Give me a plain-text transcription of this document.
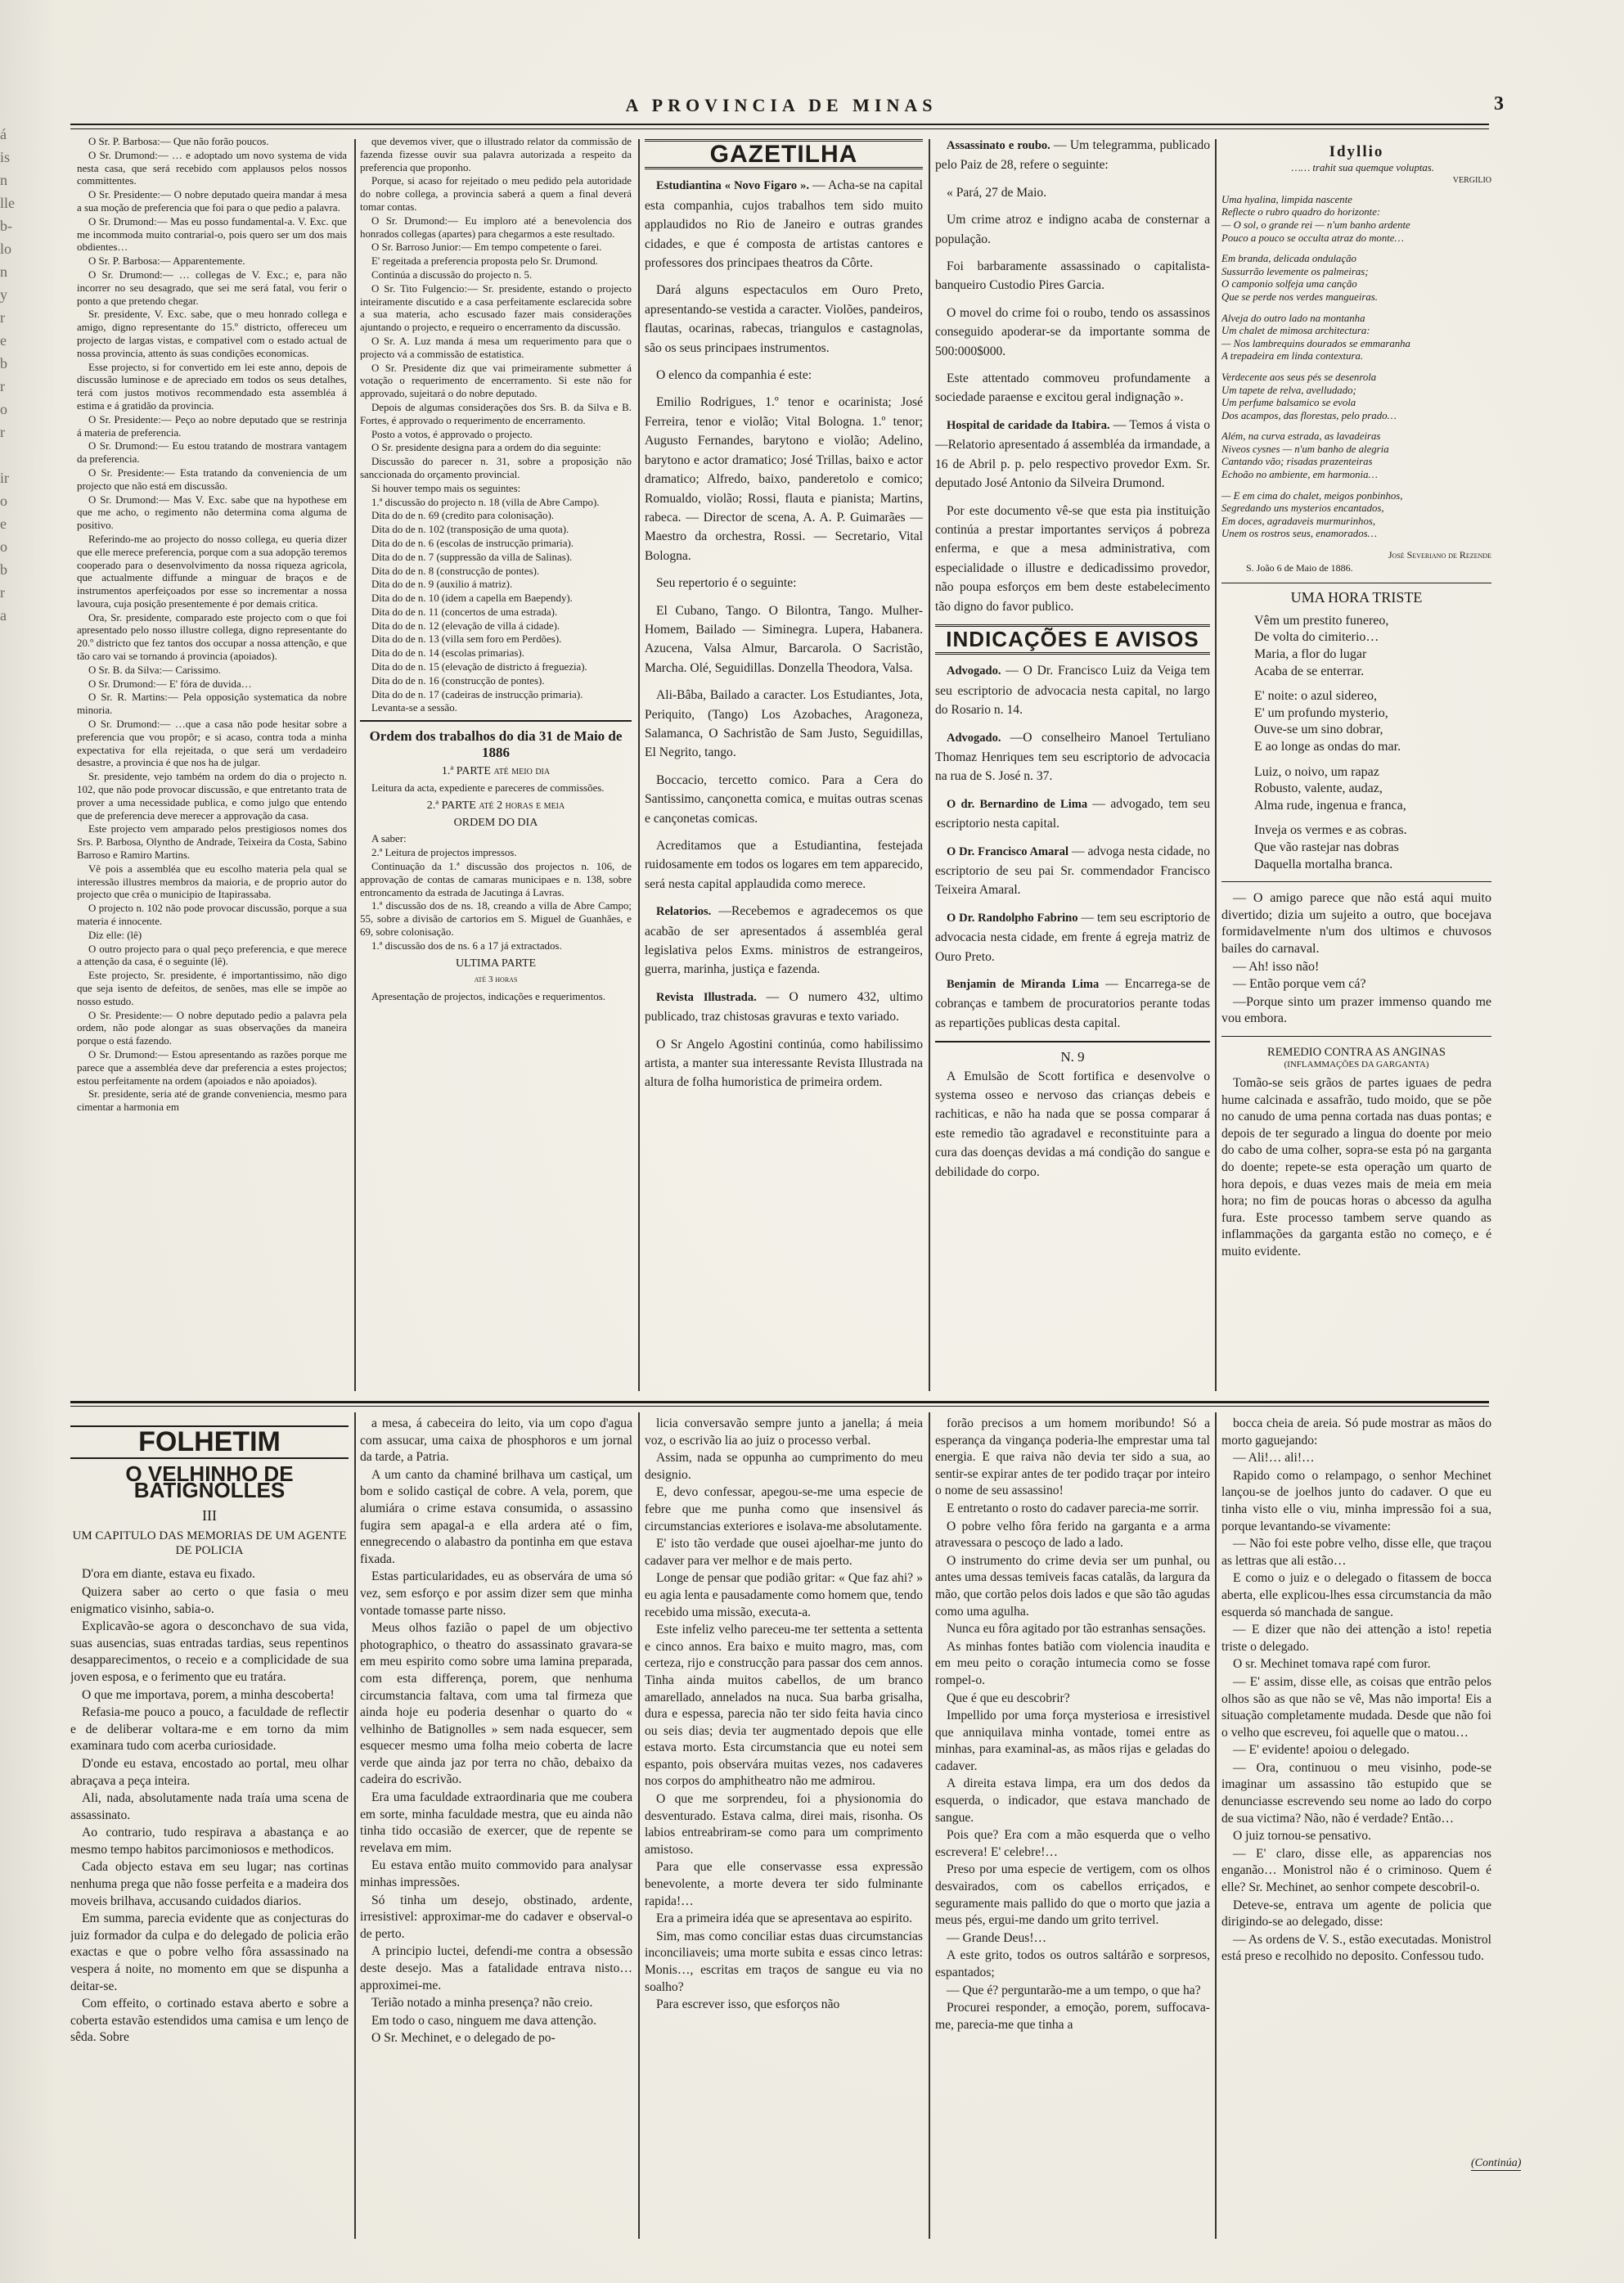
á
is
n
lle
b-
lo
n
y
r
e
b
r
o
r

ir
o
e
o
b
r
a
A PROVINCIA DE MINAS	3

O Sr. P. Barbosa:— Que não forão poucos.

O Sr. Drumond:— … e adoptado um novo systema de vida nesta casa, que será recebido com applausos pelos nossos committentes.

O Sr. Presidente:— O nobre deputado queira mandar á mesa a sua moção de preferencia que foi para o que pedio a palavra.

O Sr. Drumond:— Mas eu posso fundamental-a. V. Exc. que me incommoda muito contrarial-o, pois quero ser um dos mais obdientes…

O Sr. P. Barbosa:— Apparentemente.

O Sr. Drumond:— … collegas de V. Exc.; e, para não incorrer no seu desagrado, que sei me será fatal, vou ferir o ponto a que pretendo chegar.

Sr. presidente, V. Exc. sabe, que o meu honrado collega e amigo, digno representante do 15.º districto, offereceu um projecto de largas vistas, e compativel com o estado actual de nossa provincia, attento ás suas condições economicas.

Esse projecto, si for convertido em lei este anno, depois de discussão luminose e de apreciado em todos os seus detalhes, terá com justos motivos recommendado esta assembléa á estima e á gratidão da provincia.

O Sr. Presidente:— Peço ao nobre deputado que se restrinja á materia de preferencia.

O Sr. Drumond:— Eu estou tratando de mostrara vantagem da preferencia.

O Sr. Presidente:— Esta tratando da conveniencia de um projecto que não está em discussão.

O Sr. Drumond:— Mas V. Exc. sabe que na hypothese em que me acho, o regimento não determina coma alguma de positivo.

Referindo-me ao projecto do nosso collega, eu queria dizer que elle merece preferencia, porque com a sua adopção teremos cooperado para o desenvolvimento da nossa riqueza agricola, que actualmente diffunde a minguar de braços e de instrumentos aperfeiçoados por esse so incrementar a nossa lavoura, cuja posição presentemente é por demais critica.

Ora, Sr. presidente, comparado este projecto com o que foi apresentado pelo nosso illustre collega, digno representante do 20.º districto que fez tantos dos occupar a nossa attenção, e que tão caro vai se tornando á provincia (apoiados).

O Sr. B. da Silva:— Carissimo.

O Sr. Drumond:— E' fóra de duvida…

O Sr. R. Martins:— Pela opposição systematica da nobre minoria.

O Sr. Drumond:— …que a casa não pode hesitar sobre a preferencia que vou propôr; e si acaso, contra toda a minha expectativa for ella rejeitada, o que será um verdadeiro desastre, a provincia é que nos ha de julgar.

Sr. presidente, vejo também na ordem do dia o projecto n. 102, que não pode provocar discussão, e que entretanto trata de prover a uma necessidade publica, e como julgo que entendo que de preferencia deve merecer a approvação da casa.

Este projecto vem amparado pelos prestigiosos nomes dos Srs. P. Barbosa, Olyntho de Andrade, Teixeira da Costa, Sabino Barroso e Ramiro Martins.

Vê pois a assembléa que eu escolho materia pela qual se interessão illustres membros da maioria, e de proprio autor do projecto que crêa o municipio de Itapirassaba.

O projecto n. 102 não pode provocar discussão, porque a sua materia é innocente.

Diz elle: (lê)

O outro projecto para o qual peço preferencia, e que merece a attenção da casa, é o seguinte (lê).

Este projecto, Sr. presidente, é importantissimo, não digo que seja isento de defeitos, de senões, mas elle se impõe ao nosso estudo.

O Sr. Presidente:— O nobre deputado pedio a palavra pela ordem, não pode alongar as suas observações da maneira porque o está fazendo.

O Sr. Drumond:— Estou apresentando as razões porque me parece que a assembléa deve dar preferencia a estes projectos; estou perfeitamente na ordem (apoiados e não apoiados).

Sr. presidente, seria até de grande conveniencia, mesmo para cimentar a harmonia em

que devemos viver, que o illustrado relator da commissão de fazenda fizesse ouvir sua palavra autorizada a respeito da preferencia que proponho.

Porque, si acaso for rejeitado o meu pedido pela autoridade do nobre collega, a provincia saberá a quem a final deverá tomar contas.

O Sr. Drumond:— Eu imploro até a benevolencia dos honrados collegas (apartes) para chegarmos a este resultado.

O Sr. Barroso Junior:— Em tempo competente o farei.

E' regeitada a preferencia proposta pelo Sr. Drumond.

Continúa a discussão do projecto n. 5.

O Sr. Tito Fulgencio:— Sr. presidente, estando o projecto inteiramente discutido e a casa perfeitamente esclarecida sobre a sua materia, acho escusado fazer mais considerações ajuntando o projecto, e requeiro o encerramento da discussão.

O Sr. A. Luz manda á mesa um requerimento para que o projecto vá a commissão de estatistica.

O Sr. Presidente diz que vai primeiramente submetter á votação o requerimento de encerramento. Si este não for approvado, sujeitará o do nobre deputado.

Depois de algumas considerações dos Srs. B. da Silva e B. Fortes, é approvado o requerimento de encerramento.

Posto a votos, é approvado o projecto.

O Sr. presidente designa para a ordem do dia seguinte:

Discussão do parecer n. 31, sobre a proposição não sanccionada do orçamento provincial.

Si houver tempo mais os seguintes:

1.ª discussão do projecto n. 18 (villa de Abre Campo).

Dita do de n. 69 (credito para colonisação).

Dita do de n. 102 (transposição de uma quota).

Dita do de n. 6 (escolas de instrucção primaria).

Dita do de n. 7 (suppressão da villa de Salinas).

Dita do de n. 8 (construcção de pontes).

Dita do de n. 9 (auxilio á matriz).

Dita do de n. 10 (idem a capella em Baependy).

Dita do de n. 11 (concertos de uma estrada).

Dita do de n. 12 (elevação de villa á cidade).

Dita do de n. 13 (villa sem foro em Perdões).

Dita do de n. 14 (escolas primarias).

Dita do de n. 15 (elevação de districto á freguezia).

Dita do de n. 16 (construcção de pontes).

Dita do de n. 17 (cadeiras de instrucção primaria).

Levanta-se a sessão.

Ordem dos trabalhos do dia 31 de Maio de 1886
1.ª PARTE até meio dia

Leitura da acta, expediente e pareceres de commissões.

2.ª PARTE até 2 horas e meia
ORDEM DO DIA

A saber:

2.ª Leitura de projectos impressos.

Continuação da 1.ª discussão dos projectos n. 106, de approvação de contas de camaras municipaes e n. 138, sobre entroncamento da estrada de Jacutinga á Lavras.

1.ª discussão dos de ns. 18, creando a villa de Abre Campo; 55, sobre a divisão de cartorios em S. Miguel de Guanhães, e 69, sobre colonisação.

1.ª discussão dos de ns. 6 a 17 já extractados.

ULTIMA PARTE
até 3 horas

Apresentação de projectos, indicações e requerimentos.

GAZETILHA

Estudiantina « Novo Figaro ». — Acha-se na capital esta companhia, cujos trabalhos tem sido muito applaudidos no Rio de Janeiro e outras grandes cidades, e que é composta de artistas cantores e professores dos principaes theatros da Côrte.

Dará alguns espectaculos em Ouro Preto, apresentando-se vestida a caracter. Violões, pandeiros, flautas, ocarinas, rabecas, triangulos e castagnolas, são os seus principaes instrumentos.

O elenco da companhia é este:

Emilio Rodrigues, 1.º tenor e ocarinista; José Ferreira, tenor e violão; Vital Bologna. 1.º tenor; Augusto Fernandes, barytono e violão; Adelino, barytono e actor dramatico; José Trillas, baixo e actor dramatico; Alfredo, baixo, panderetolo e comico; Romualdo, violão; Rossi, flauta e pianista; Martins, rabeca. — Director de scena, A. A. P. Guimarães —Maestro da orchestra, Rossi. — Secretario, Vital Bologna.

Seu repertorio é o seguinte:

El Cubano, Tango. O Bilontra, Tango. Mulher-Homem, Bailado — Siminegra. Lupera, Habanera. Azucena, Valsa Almur, Barcarola. O Sacristão, Marcha. Olé, Seguidillas. Donzella Theodora, Valsa.

Ali-Bâba, Bailado a caracter. Los Estudiantes, Jota, Periquito, (Tango) Los Azobaches, Aragoneza, Salamanca, O Sachristão de Sam Justo, Seguidillas, El Negrito, tango.

Boccacio, tercetto comico. Para a Cera do Santissimo, cançonetta comica, e muitas outras scenas e cançonetas comicas.

Acreditamos que a Estudiantina, festejada ruidosamente em todos os logares em tem apparecido, será nesta capital applaudida como merece.

Relatorios. —Recebemos e agradecemos os que acabão de ser apresentados á assembléa geral legislativa pelos Exms. ministros de estrangeiros, guerra, marinha, justiça e fazenda.

Revista Illustrada. — O numero 432, ultimo publicado, traz chistosas gravuras e texto variado.

O Sr Angelo Agostini continúa, como habilissimo artista, a manter sua interessante Revista Illustrada na altura de folha humoristica de primeira ordem.

Assassinato e roubo. — Um telegramma, publicado pelo Paiz de 28, refere o seguinte:

« Pará, 27 de Maio.

Um crime atroz e indigno acaba de consternar a população.

Foi barbaramente assassinado o capitalista-banqueiro Custodio Pires Garcia.

O movel do crime foi o roubo, tendo os assassinos conseguido apoderar-se da importante somma de 500:000$000.

Este attentado commoveu profundamente a sociedade paraense e excitou geral indignação ».

Hospital de caridade da Itabira. — Temos á vista o—Relatorio apresentado á assembléa da irmandade, a 16 de Abril p. p. pelo respectivo provedor Exm. Sr. deputado José Antonio da Silveira Drumond.

Por este documento vê-se que esta pia instituição continúa a prestar importantes serviços á pobreza enferma, e que a mesa administrativa, com especialidade o illustre e dedicadissimo provedor, não poupa esforços em bem deste estabelecimento tão digno do favor publico.

INDICAÇÕES E AVISOS

Advogado. — O Dr. Francisco Luiz da Veiga tem seu escriptorio de advocacia nesta capital, no largo do Rosario n. 14.

Advogado. —O conselheiro Manoel Tertuliano Thomaz Henriques tem seu escriptorio de advocacia na rua de S. José n. 37.

O dr. Bernardino de Lima — advogado, tem seu escriptorio nesta capital.

O Dr. Francisco Amaral — advoga nesta cidade, no escriptorio de seu pai Sr. commendador Francisco Teixeira Amaral.

O Dr. Randolpho Fabrino — tem seu escriptorio de advocacia nesta cidade, em frente á egreja matriz de Ouro Preto.

Benjamin de Miranda Lima — Encarrega-se de cobranças e tambem de procuratorios perante todas as repartições publicas desta capital.

N. 9

A Emulsão de Scott fortifica e desenvolve o systema osseo e nervoso das crianças debeis e rachiticas, e não ha nada que se possa comparar á este remedio tão agradavel e reconstituinte para a cura das doenças devidas a má condição do sangue e debilidade do corpo.

Idyllio
…… trahit sua quemque voluptas.
VERGILIO

Uma hyalina, limpida nascente
Reflecte o rubro quadro do horizonte:
— O sol, o grande rei — n'um banho ardente
Pouco a pouco se occulta atraz do monte…

Em branda, delicada ondulação
Sussurrão levemente os palmeiras;
O camponio solfeja uma canção
Que se perde nos verdes mangueiras.

Alveja do outro lado na montanha
Um chalet de mimosa architectura:
— Nos lambrequins dourados se emmaranha
A trepadeira em linda contextura.

Verdecente aos seus pés se desenrola
Um tapete de relva, avelludado;
Um perfume balsamico se evola
Dos acampos, das florestas, pelo prado…

Além, na curva estrada, as lavadeiras
Niveos cysnes — n'um banho de alegria
Cantando vão; risadas prazenteiras
Echoão no ambiente, em harmonia…

— E em cima do chalet, meigos ponbinhos,
Segredando uns mysterios encantados,
Em doces, agradaveis murmurinhos,
Unem os rostros seus, enamorados…

José Severiano de Rezende
S. João 6 de Maio de 1886.
UMA HORA TRISTE

Vêm um prestito funereo,
De volta do cimiterio…
Maria, a flor do lugar
Acaba de se enterrar.

E' noite: o azul sidereo,
E' um profundo mysterio,
Ouve-se um sino dobrar,
E ao longe as ondas do mar.

Luiz, o noivo, um rapaz
Robusto, valente, audaz,
Alma rude, ingenua e franca,

Inveja os vermes e as cobras.
Que vão rastejar nas dobras
Daquella mortalha branca.

— O amigo parece que não está aqui muito divertido; dizia um sujeito a outro, que bocejava formidavelmente n'um dos ultimos e chuvosos bailes do carnaval.

— Ah! isso não!

— Então porque vem cá?

—Porque sinto um prazer immenso quando me vou embora.

REMEDIO CONTRA AS ANGINAS
(INFLAMMAÇÕES DA GARGANTA)

Tomão-se seis grãos de partes iguaes de pedra hume calcinada e assafrão, tudo moido, que se põe no canudo de uma penna cortada nas duas pontas; e depois de ter segurado a lingua do doente por meio do cabo de uma colher, sopra-se esta pó na garganta do doente; repete-se esta operação um quarto de hora depois, e duas vezes mais de meia em meia hora; no fim de poucas horas o abcesso da agulha fura. Este processo tambem serve quando as inflammações da garganta estão no começo, e é muito evidente.

FOLHETIM
O VELHINHO DE BATIGNOLLES
III
UM CAPITULO DAS MEMORIAS DE UM AGENTE DE POLICIA

D'ora em diante, estava eu fixado.

Quizera saber ao certo o que fasia o meu enigmatico visinho, sabia-o.

Explicavão-se agora o desconchavo de sua vida, suas ausencias, suas entradas tardias, seus repentinos desapparecimentos, o receio e a complicidade de sua joven esposa, e o ferimento que eu tratára.

O que me importava, porem, a minha descoberta!

Refasia-me pouco a pouco, a faculdade de reflectir e de deliberar voltara-me e em torno da mim examinara tudo com acerba curiosidade.

D'onde eu estava, encostado ao portal, meu olhar abraçava a peça inteira.

Ali, nada, absolutamente nada traía uma scena de assassinato.

Ao contrario, tudo respirava a abastança e ao mesmo tempo habitos parcimoniosos e methodicos.

Cada objecto estava em seu lugar; nas cortinas nenhuma prega que não fosse perfeita e a madeira dos moveis brilhava, accusando cuidados diarios.

Em summa, parecia evidente que as conjecturas do juiz formador da culpa e do delegado de policia erão exactas e que o pobre velho fôra assassinado na vespera á noite, no momento em que se dispunha a deitar-se.

Com effeito, o cortinado estava aberto e sobre a coberta estavão estendidos uma camisa e um lenço de sêda. Sobre

a mesa, á cabeceira do leito, via um copo d'agua com assucar, uma caixa de phosphoros e um jornal da tarde, a Patria.

A um canto da chaminé brilhava um castiçal, um bom e solido castiçal de cobre. A vela, porem, que alumiára o crime estava consumida, o assassino fugira sem apagal-a e ella ardera até o fim, ennegrecendo o alabastro da pontinha em que estava fixada.

Estas particularidades, eu as observára de uma só vez, sem esforço e por assim dizer sem que minha vontade tomasse parte nisso.

Meus olhos fazião o papel de um objectivo photographico, o theatro do assassinato gravara-se em meu espirito como sobre uma lamina preparada, com esta differença, porem, que nenhuma circumstancia faltava, com uma tal firmeza que ainda hoje eu poderia desenhar o quarto do « velhinho de Batignolles » sem nada esquecer, sem esquecer mesmo uma folha meio coberta de lacre verde que ainda jaz por terra no chão, debaixo da cadeira do escrivão.

Era uma faculdade extraordinaria que me coubera em sorte, minha faculdade mestra, que eu ainda não tinha tido occasião de exercer, que de repente se revelava em mim.

Eu estava então muito commovido para analysar minhas impressões.

Só tinha um desejo, obstinado, ardente, irresistivel: approximar-me do cadaver e observal-o de perto.

A principio luctei, defendi-me contra a obsessão deste desejo. Mas a fatalidade entrava nisto… approximei-me.

Terião notado a minha presença? não creio.

Em todo o caso, ninguem me dava attenção.

O Sr. Mechinet, e o delegado de po-

licia conversavão sempre junto a janella; á meia voz, o escrivão lia ao juiz o processo verbal.

Assim, nada se oppunha ao cumprimento do meu designio.

E, devo confessar, apegou-se-me uma especie de febre que me punha como que insensivel ás circumstancias exteriores e isolava-me absolutamente.

E' isto tão verdade que ousei ajoelhar-me junto do cadaver para ver melhor e de mais perto.

Longe de pensar que podião gritar: « Que faz ahi? » eu agia lenta e pausadamente como homem que, tendo recebido uma missão, executa-a.

Este infeliz velho pareceu-me ter settenta a settenta e cinco annos. Era baixo e muito magro, mas, com certeza, rijo e construcção para passar dos cem annos. Tinha ainda muitos cabellos, de um branco amarellado, annelados na nuca. Sua barba grisalha, dura e espessa, parecia não ter sido feita havia cinco ou seis dias; devia ter augmentado depois que elle estava morto. Esta circumstancia que eu notei sem espanto, pois observára muitas vezes, nos cadaveres nos corpos do amphitheatro não me admirou.

O que me sorprendeu, foi a physionomia do desventurado. Estava calma, direi mais, risonha. Os labios entreabriram-se como para um comprimento amistoso.

Para que elle conservasse essa expressão benevolente, a morte devera ter sido fulminante rapida!…

Era a primeira idéa que se apresentava ao espirito.

Sim, mas como conciliar estas duas circumstancias inconciliaveis; uma morte subita e essas cinco letras: Monis…, escritas em traços de sangue eu via no soalho?

Para escrever isso, que esforços não

forão precisos a um homem moribundo! Só a esperança da vingança poderia-lhe emprestar uma tal energia. E que raiva não devia ter sido a sua, ao sentir-se expirar antes de ter podido traçar por inteiro o nome de seu assassino!

E entretanto o rosto do cadaver parecia-me sorrir.

O pobre velho fôra ferido na garganta e a arma atravessara o pescoço de lado a lado.

O instrumento do crime devia ser um punhal, ou antes uma dessas temiveis facas catalãs, da largura da mão, que cortão pelos dois lados e que são tão agudas como uma agulha.

Nunca eu fôra agitado por tão estranhas sensações.

As minhas fontes batião com violencia inaudita e em meu peito o coração intumecia como se fosse rompel-o.

Que é que eu descobrir?

Impellido por uma força mysteriosa e irresistivel que anniquilava minha vontade, tomei entre as minhas, para examinal-as, as mãos rijas e geladas do cadaver.

A direita estava limpa, era um dos dedos da esquerda, o indicador, que estava manchado de sangue.

Pois que? Era com a mão esquerda que o velho escrevera! E' celebre!…

Preso por uma especie de vertigem, com os olhos desvairados, com os cabellos erriçados, e seguramente mais pallido do que o morto que jazia a meus pés, ergui-me dando um grito terrivel.

— Grande Deus!…

A este grito, todos os outros saltárão e sorpresos, espantados;

— Que é? perguntarão-me a um tempo, o que ha?

Procurei responder, a emoção, porem, suffocava-me, parecia-me que tinha a

bocca cheia de areia. Só pude mostrar as mãos do morto gaguejando:

— Ali!… ali!…

Rapido como o relampago, o senhor Mechinet lançou-se de joelhos junto do cadaver. O que eu tinha visto elle o viu, minha impressão foi a sua, porque levantando-se vivamente:

— Não foi este pobre velho, disse elle, que traçou as lettras que ali estão…

E como o juiz e o delegado o fitassem de bocca aberta, elle explicou-lhes essa circumstancia da mão esquerda só manchada de sangue.

— E dizer que não dei attenção a isto! repetia triste o delegado.

O sr. Mechinet tomava rapé com furor.

— E' assim, disse elle, as coisas que entrão pelos olhos são as que não se vê, Mas não importa! Eis a situação completamente mudada. Desde que não foi o velho que escreveu, foi aquelle que o matou…

— E' evidente! apoiou o delegado.

— Ora, continuou o meu visinho, pode-se imaginar um assassino tão estupido que se denunciasse escrevendo seu nome ao lado do corpo de sua victima? Não, não é verdade? Então…

O juiz tornou-se pensativo.

— E' claro, disse elle, as apparencias nos enganão… Monistrol não é o criminoso. Quem é elle? Sr. Mechinet, ao senhor compete descobril-o.

Deteve-se, entrava um agente de policia que dirigindo-se ao delegado, disse:

— As ordens de V. S., estão executadas. Monistrol está preso e recolhido no deposito. Confessou tudo.

(Continúa)
